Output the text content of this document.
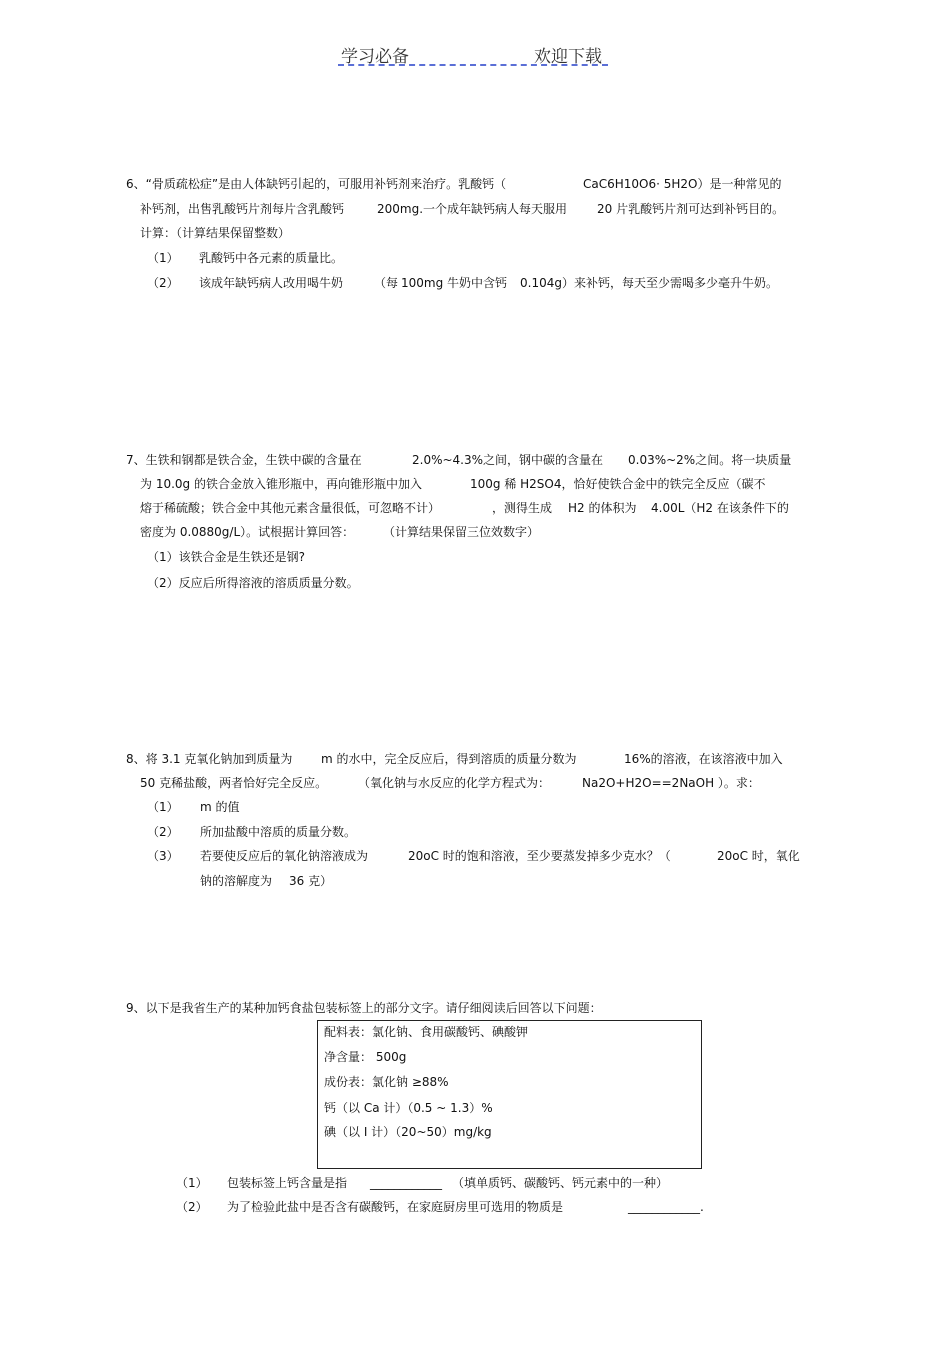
学习必备	欢迎下载
6、“骨质疏松症”是由人体缺钙引起的，可服用补钙剂来治疗。乳酸钙（	CaC6H10O6· 5H2O）是一种常见的
补钙剂，出售乳酸钙片剂每片含乳酸钙	200mg.一个成年缺钙病人每天服用 20 片乳酸钙片剂可达到补钙目的。
计算：（计算结果保留整数）
（1） 乳酸钙中各元素的质量比。
（2） 该成年缺钙病人改用喝牛奶	（每 100mg 牛奶中含钙 0.104g）来补钙，每天至少需喝多少毫升牛奶。
7、生铁和钢都是铁合金，生铁中碳的含量在	2.0%~4.3%之间，钢中碳的含量在 0.03%~2%之间。将一块质量
为 10.0g 的铁合金放入锥形瓶中，再向锥形瓶中加入	100g 稀 H2SO4，恰好使铁合金中的铁完全反应（碳不
熔于稀硫酸；铁合金中其他元素含量很低，可忽略不计）	，测得生成 H2 的体积为 4.00L（H2 在该条件下的
密度为 0.0880g/L）。试根据计算回答： （计算结果保留三位效数字）
（1）该铁合金是生铁还是钢?
（2）反应后所得溶液的溶质质量分数。
8、将 3.1 克氧化钠加到质量为 m 的水中，完全反应后，得到溶质的质量分数为	16%的溶液，在该溶液中加入
50 克稀盐酸，两者恰好完全反应。	（氧化钠与水反应的化学方程式为：	Na2O+H2O==2NaOH ）。求：
（1） m 的值
（2） 所加盐酸中溶质的质量分数。
（3） 若要使反应后的氧化钠溶液成为	20oC 时的饱和溶液，至少要蒸发掉多少克水？（	20oC 时，氧化
钠的溶解度为 36 克）
9、以下是我省生产的某种加钙食盐包装标签上的部分文字。请仔细阅读后回答以下问题：
配料表：氯化钠、食用碳酸钙、碘酸钾
净含量： 500g
成份表：氯化钠 ≥88%
钙（以 Ca 计）（0.5 ~ 1.3）%
碘（以 I 计）（20~50）mg/kg
（1） 包装标签上钙含量是指 ____________ （填单质钙、碳酸钙、钙元素中的一种）
（2） 为了检验此盐中是否含有碳酸钙，在家庭厨房里可选用的物质是	____________.
